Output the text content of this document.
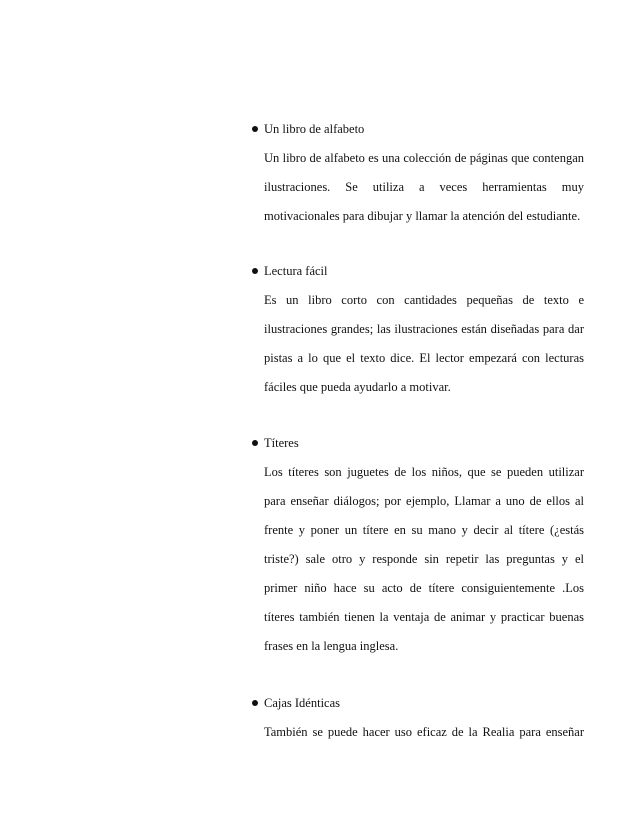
Un libro de alfabeto
Un libro de alfabeto es una colección de páginas que contengan
ilustraciones. Se utiliza a veces herramientas muy
motivacionales para dibujar y llamar la atención del estudiante.
Lectura fácil
Es un libro corto con cantidades pequeñas de texto e
ilustraciones grandes; las ilustraciones están diseñadas para dar
pistas a lo que el texto dice. El lector empezará con lecturas
fáciles que pueda ayudarlo a motivar.
Títeres
Los títeres son juguetes de los niños, que se pueden utilizar
para enseñar diálogos; por ejemplo, Llamar a uno de ellos al
frente y poner un títere en su mano y decir al títere (¿estás
triste?) sale otro y responde sin repetir las preguntas y el
primer niño hace su acto de títere consiguientemente .Los
títeres también tienen la ventaja de animar y practicar buenas
frases en la lengua inglesa.
Cajas Idénticas
También se puede hacer uso eficaz de la Realia para enseñar
